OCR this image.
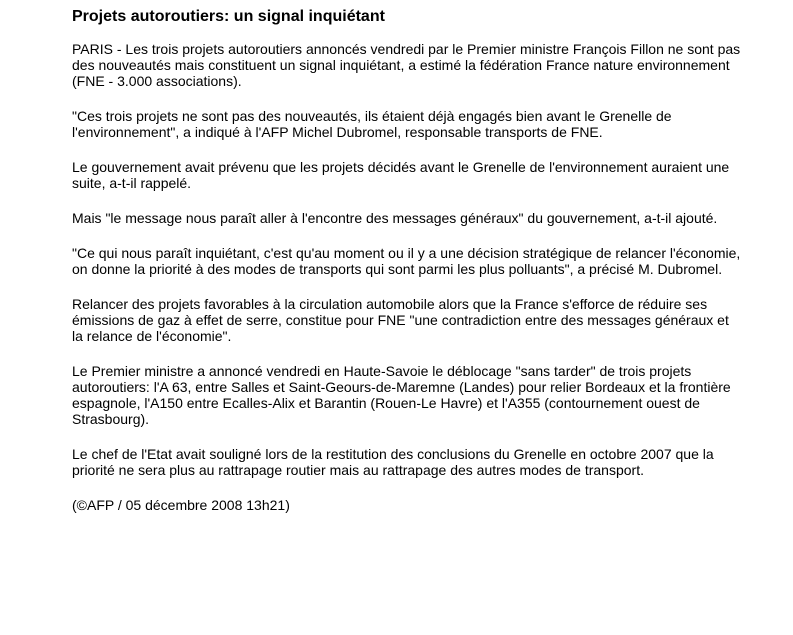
Projets autoroutiers: un signal inquiétant

PARIS - Les trois projets autoroutiers annoncés vendredi par le Premier ministre François Fillon ne sont pas des nouveautés mais constituent un signal inquiétant, a estimé la fédération France nature environnement (FNE - 3.000 associations).

"Ces trois projets ne sont pas des nouveautés, ils étaient déjà engagés bien avant le Grenelle de l'environnement", a indiqué à l'AFP Michel Dubromel, responsable transports de FNE.

Le gouvernement avait prévenu que les projets décidés avant le Grenelle de l'environnement auraient une suite, a-t-il rappelé.

Mais "le message nous paraît aller à l'encontre des messages généraux" du gouvernement, a-t-il ajouté.

"Ce qui nous paraît inquiétant, c'est qu'au moment ou il y a une décision stratégique de relancer l'économie, on donne la priorité à des modes de transports qui sont parmi les plus polluants", a précisé M. Dubromel.

Relancer des projets favorables à la circulation automobile alors que la France s'efforce de réduire ses émissions de gaz à effet de serre, constitue pour FNE "une contradiction entre des messages généraux et la relance de l'économie".

Le Premier ministre a annoncé vendredi en Haute-Savoie le déblocage "sans tarder" de trois projets autoroutiers: l'A 63, entre Salles et Saint-Geours-de-Maremne (Landes) pour relier Bordeaux et la frontière espagnole, l'A150 entre Ecalles-Alix et Barantin (Rouen-Le Havre) et l'A355 (contournement ouest de Strasbourg).

Le chef de l'Etat avait souligné lors de la restitution des conclusions du Grenelle en octobre 2007 que la priorité ne sera plus au rattrapage routier mais au rattrapage des autres modes de transport.

(©AFP / 05 décembre 2008 13h21)
